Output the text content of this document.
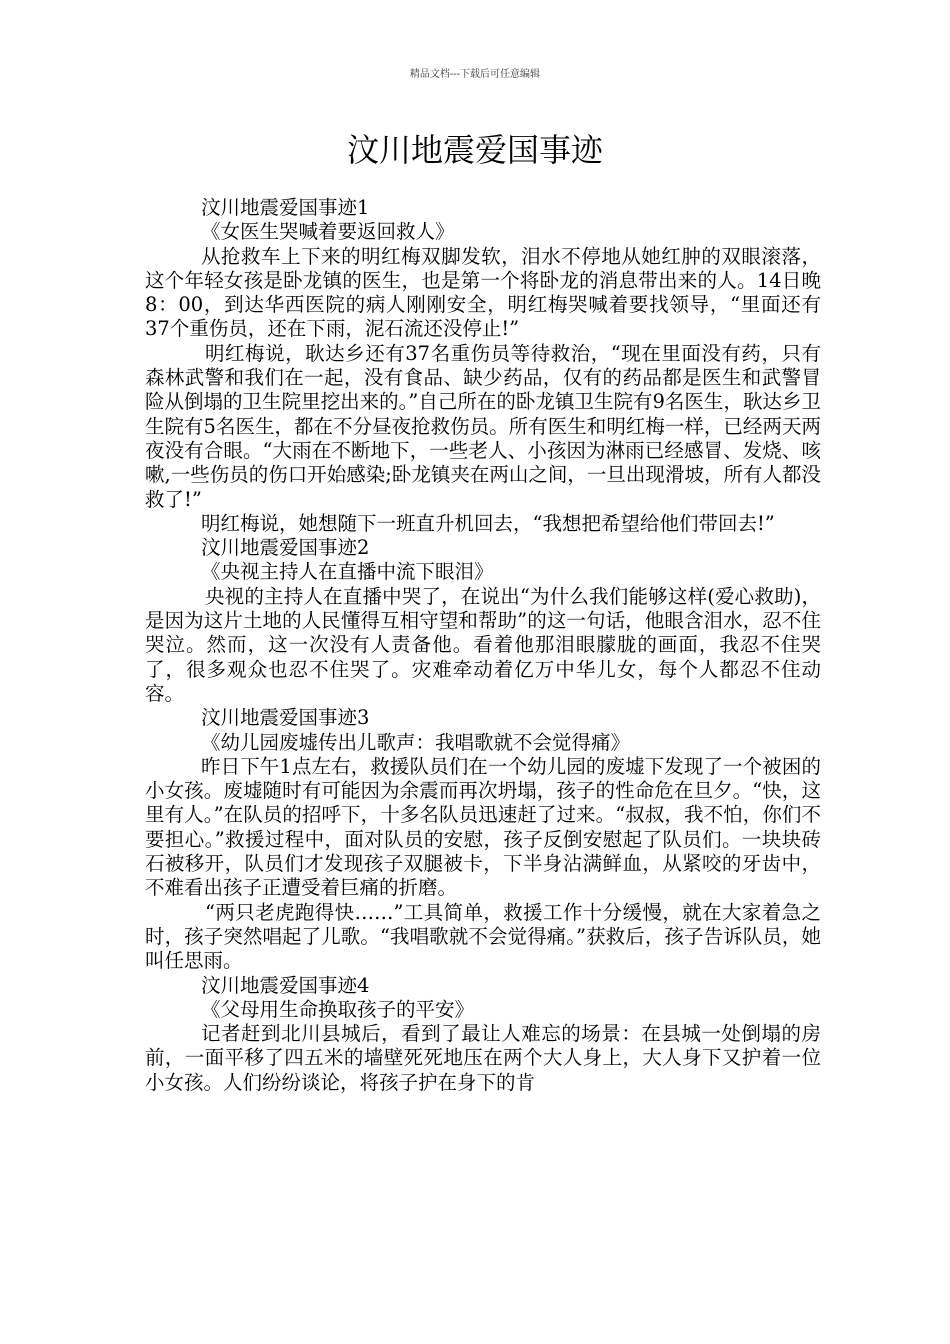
精品文档---下载后可任意编辑
汶川地震爱国事迹

汶川地震爱国事迹1

《女医生哭喊着要返回救人》

从抢救车上下来的明红梅双脚发软，泪水不停地从她红肿的双眼滚落，这个年轻女孩是卧龙镇的医生，也是第一个将卧龙的消息带出来的人。14日晚8：00，到达华西医院的病人刚刚安全，明红梅哭喊着要找领导，“里面还有37个重伤员，还在下雨，泥石流还没停止!”

明红梅说，耿达乡还有37名重伤员等待救治，“现在里面没有药，只有森林武警和我们在一起，没有食品、缺少药品，仅有的药品都是医生和武警冒险从倒塌的卫生院里挖出来的。”自己所在的卧龙镇卫生院有9名医生，耿达乡卫生院有5名医生，都在不分昼夜抢救伤员。所有医生和明红梅一样，已经两天两夜没有合眼。“大雨在不断地下，一些老人、小孩因为淋雨已经感冒、发烧、咳嗽,一些伤员的伤口开始感染;卧龙镇夹在两山之间，一旦出现滑坡，所有人都没救了!”

明红梅说，她想随下一班直升机回去，“我想把希望给他们带回去!”

汶川地震爱国事迹2

《央视主持人在直播中流下眼泪》

央视的主持人在直播中哭了，在说出“为什么我们能够这样(爱心救助)，是因为这片土地的人民懂得互相守望和帮助”的这一句话，他眼含泪水，忍不住哭泣。然而，这一次没有人责备他。看着他那泪眼朦胧的画面，我忍不住哭了，很多观众也忍不住哭了。灾难牵动着亿万中华儿女，每个人都忍不住动容。

汶川地震爱国事迹3

《幼儿园废墟传出儿歌声：我唱歌就不会觉得痛》

昨日下午1点左右，救援队员们在一个幼儿园的废墟下发现了一个被困的小女孩。废墟随时有可能因为余震而再次坍塌，孩子的性命危在旦夕。“快，这里有人。”在队员的招呼下，十多名队员迅速赶了过来。“叔叔，我不怕，你们不要担心。”救援过程中，面对队员的安慰，孩子反倒安慰起了队员们。一块块砖石被移开，队员们才发现孩子双腿被卡，下半身沾满鲜血，从紧咬的牙齿中，不难看出孩子正遭受着巨痛的折磨。

“两只老虎跑得快……”工具简单，救援工作十分缓慢，就在大家着急之时，孩子突然唱起了儿歌。“我唱歌就不会觉得痛。”获救后，孩子告诉队员，她叫任思雨。

汶川地震爱国事迹4

《父母用生命换取孩子的平安》

记者赶到北川县城后，看到了最让人难忘的场景：在县城一处倒塌的房前，一面平移了四五米的墙壁死死地压在两个大人身上，大人身下又护着一位小女孩。人们纷纷谈论，将孩子护在身下的肯
